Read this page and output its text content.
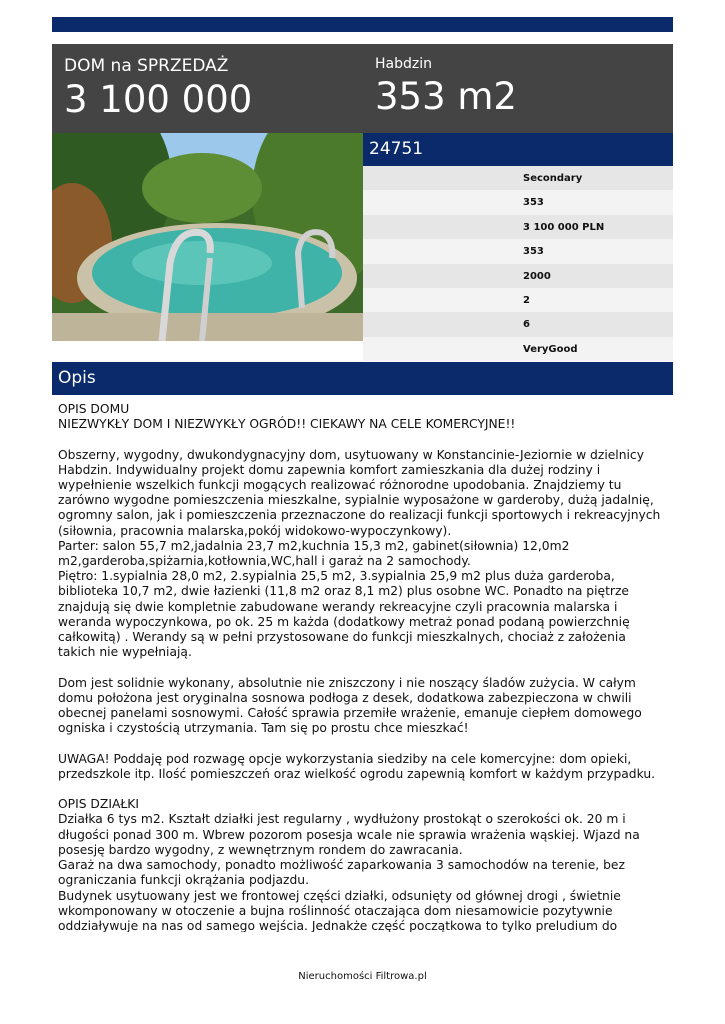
DOM na SPRZEDAŻ
3 100 000
Habdzin
353 m2
24751
Secondary
353
3 100 000 PLN
353
2000
2
6
VeryGood
Opis
OPIS DOMU
NIEZWYKŁY DOM I NIEZWYKŁY OGRÓD!! CIEKAWY NA CELE KOMERCYJNE!!

Obszerny, wygodny, dwukondygnacyjny dom, usytuowany w Konstancinie-Jeziornie w dzielnicy Habdzin. Indywidualny projekt domu zapewnia komfort zamieszkania dla dużej rodziny i wypełnienie wszelkich funkcji mogących realizować różnorodne upodobania. Znajdziemy tu zarówno wygodne pomieszczenia mieszkalne, sypialnie wyposażone w garderoby, dużą jadalnię, ogromny salon, jak i pomieszczenia przeznaczone do realizacji funkcji sportowych i rekreacyjnych (siłownia, pracownia malarska,pokój widokowo-wypoczynkowy).
Parter: salon 55,7 m2,jadalnia 23,7 m2,kuchnia 15,3 m2, gabinet(siłownia) 12,0m2 m2,garderoba,spiżarnia,kotłownia,WC,hall i garaż na 2 samochody.
Piętro: 1.sypialnia 28,0 m2, 2.sypialnia 25,5 m2, 3.sypialnia 25,9 m2 plus duża garderoba, biblioteka 10,7 m2, dwie łazienki (11,8 m2 oraz 8,1 m2) plus osobne WC. Ponadto na piętrze znajdują się dwie kompletnie zabudowane werandy rekreacyjne czyli pracownia malarska i weranda wypoczynkowa, po ok. 25 m każda (dodatkowy metraż ponad podaną powierzchnię całkowitą) . Werandy są w pełni przystosowane do funkcji mieszkalnych, chociaż z założenia takich nie wypełniają.

Dom jest solidnie wykonany, absolutnie nie zniszczony i nie noszący śladów zużycia. W całym domu położona jest oryginalna sosnowa podłoga z desek, dodatkowa zabezpieczona w chwili obecnej panelami sosnowymi. Całość sprawia przemiłe wrażenie, emanuje ciepłem domowego ogniska i czystością utrzymania. Tam się po prostu chce mieszkać!

UWAGA! Poddaję pod rozwagę opcje wykorzystania siedziby na cele komercyjne: dom opieki, przedszkole itp. Ilość pomieszczeń oraz wielkość ogrodu zapewnią komfort w każdym przypadku.

OPIS DZIAŁKI
Działka 6 tys m2. Kształt działki jest regularny , wydłużony prostokąt o szerokości ok. 20 m i długości ponad 300 m. Wbrew pozorom posesja wcale nie sprawia wrażenia wąskiej. Wjazd na posesję bardzo wygodny, z wewnętrznym rondem do zawracania.
Garaż na dwa samochody, ponadto możliwość zaparkowania 3 samochodów na terenie, bez ograniczania funkcji okrążania podjazdu.
Budynek usytuowany jest we frontowej części działki, odsunięty od głównej drogi , świetnie wkomponowany w otoczenie a bujna roślinność otaczająca dom niesamowicie pozytywnie oddziaływuje na nas od samego wejścia. Jednakże część początkowa to tylko preludium do
Nieruchomości Filtrowa.pl
